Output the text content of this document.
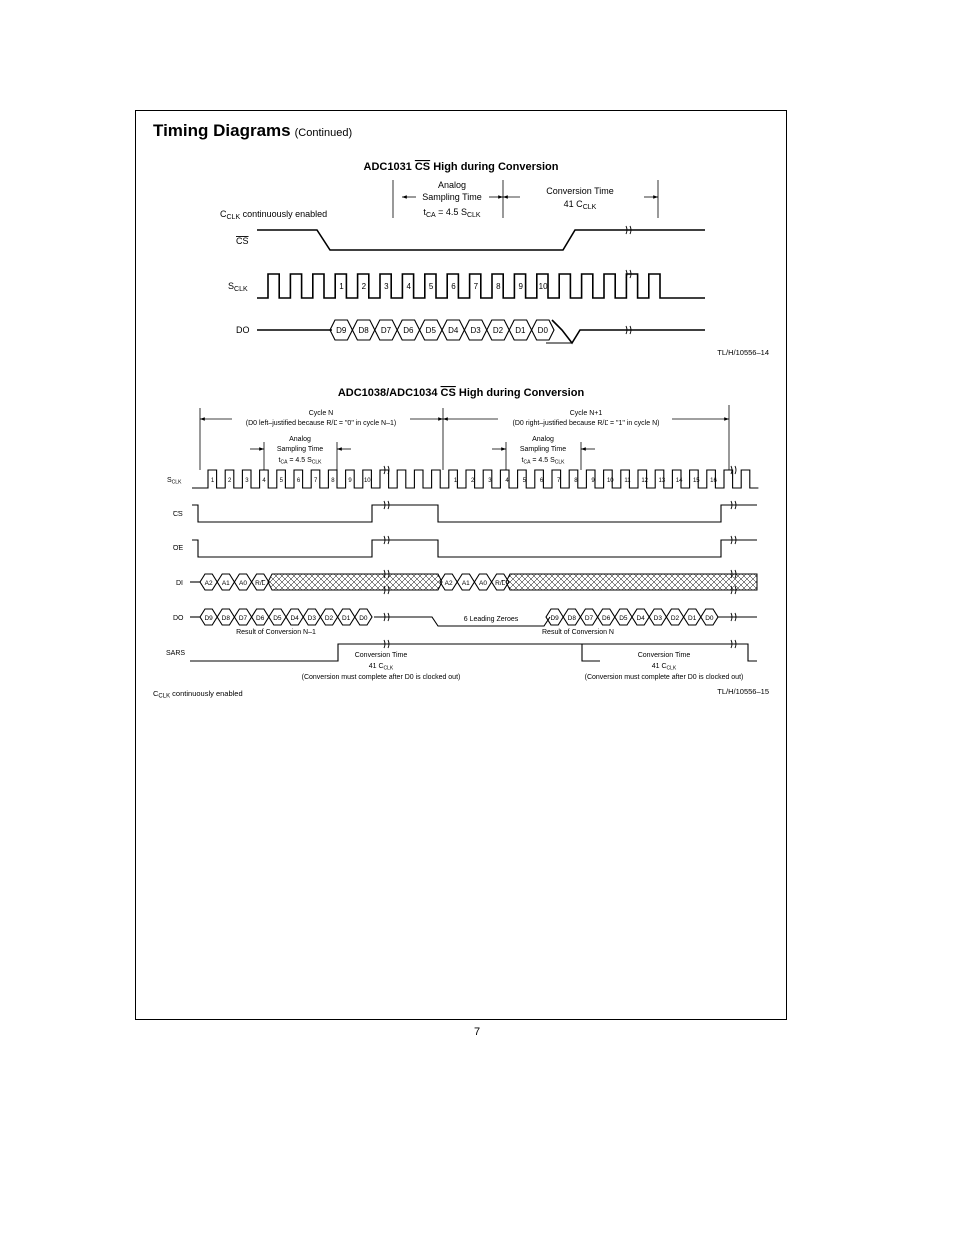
Timing Diagrams (Continued)
ADC1031 CS High during Conversion
Analog
Sampling Time
$t_{CA} = 4.5$ $S_{CLK}$
Conversion Time
41 $C_{CLK}$
$C_{CLK}$ continuously enabled
CS
$S_{CLK}$
DO
1 2 3 4 5 6 7 8 9 10
D9 D8 D7 D6 D5 D4 D3 D2 D1 D0
TL/H/10556–14
ADC1038/ADC1034 CS High during Conversion
Cycle N
(D0 left–justified because R/L = "0" in cycle N–1)
Cycle N+1
(D0 right–justified because R/L = "1" in cycle N)
Analog
Sampling Time
$t_{CA} = 4.5$ $S_{CLK}$
Analog
Sampling Time
$t_{CA} = 4.5$ $S_{CLK}$
$S_{CLK}$
CS
OE
DI
DO
SARS
1 2 3 4 5 6 7 8 9 10	1 2 3 4 5 6 7 8 9 10 11 12 13 14 15 16
A2 A1 A0 R/L	A2 A1 A0 R/L
D9 D8 D7 D6 D5 D4 D3 D2 D1 D0	D9 D8 D7 D6 D5 D4 D3 D2 D1 D0
6 Leading Zeroes
Result of Conversion N–1	Result of Conversion N
Conversion Time
41 $C_{CLK}$
(Conversion must complete after D0 is clocked out)
Conversion Time
41 $C_{CLK}$
(Conversion must complete after D0 is clocked out)
$C_{CLK}$ continuously enabled	TL/H/10556–15
7
